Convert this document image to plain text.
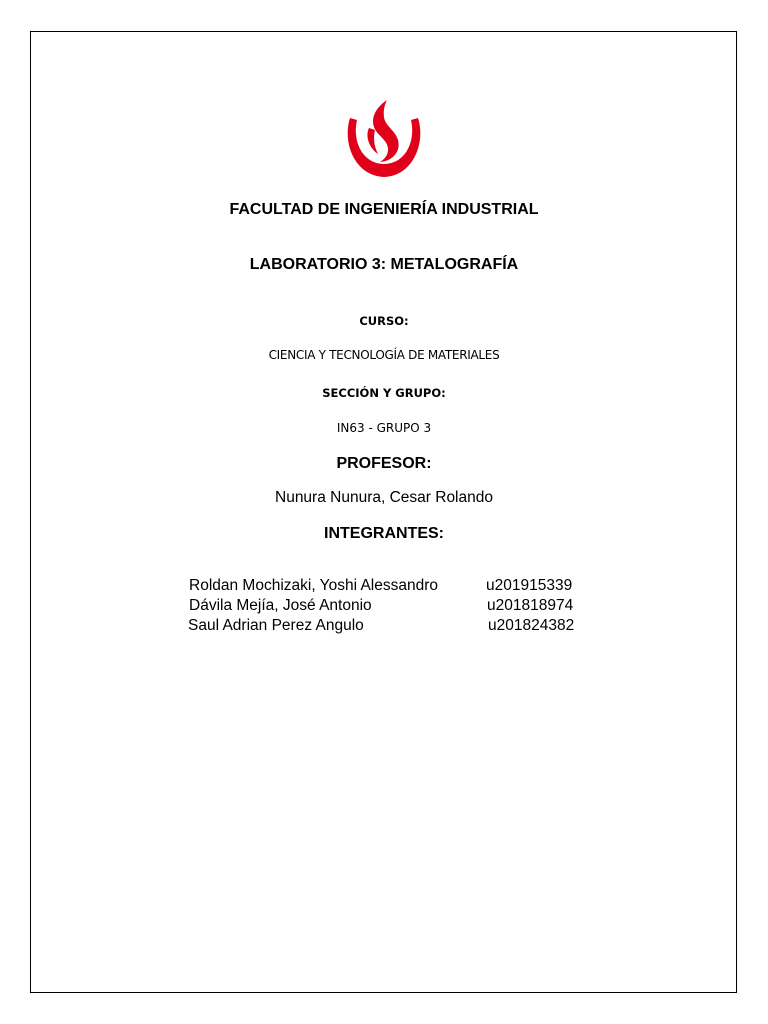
FACULTAD DE INGENIERÍA INDUSTRIAL
LABORATORIO 3: METALOGRAFÍA
CURSO:
CIENCIA Y TECNOLOGÍA DE MATERIALES
SECCIÓN Y GRUPO:
IN63 - GRUPO 3
PROFESOR:
Nunura Nunura, Cesar Rolando
INTEGRANTES:
Roldan Mochizaki, Yoshi Alessandro	u201915339
Dávila Mejía, José Antonio	u201818974
Saul Adrian Perez Angulo	u201824382
